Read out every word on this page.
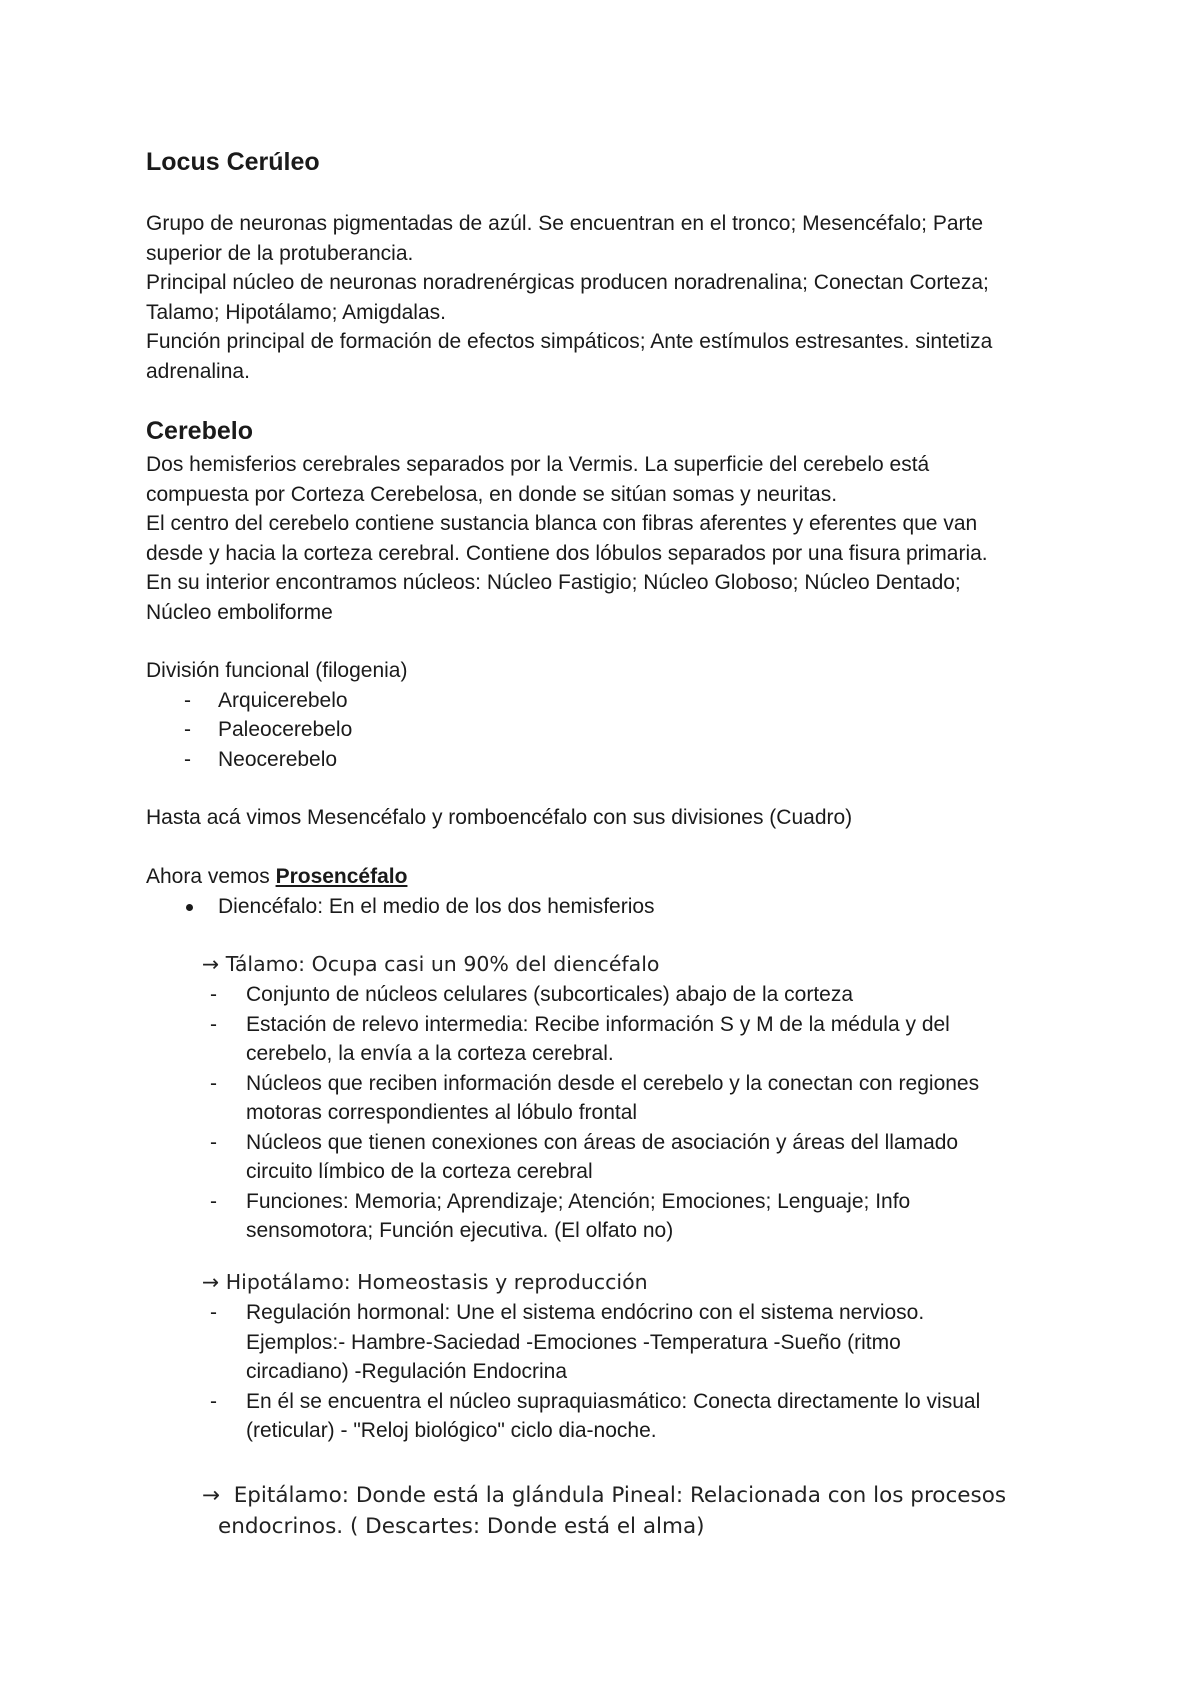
Locus Cerúleo

Grupo de neuronas pigmentadas de azúl. Se encuentran en el tronco; Mesencéfalo; Parte

superior de la protuberancia.

Principal núcleo de neuronas noradrenérgicas producen noradrenalina; Conectan Corteza;

Talamo; Hipotálamo; Amigdalas.

Función principal de formación de efectos simpáticos; Ante estímulos estresantes. sintetiza

adrenalina.

Cerebelo

Dos hemisferios cerebrales separados por la Vermis. La superficie del cerebelo está

compuesta por Corteza Cerebelosa, en donde se sitúan somas y neuritas.

El centro del cerebelo contiene sustancia blanca con fibras aferentes y eferentes que van

desde y hacia la corteza cerebral. Contiene dos lóbulos separados por una fisura primaria.

En su interior encontramos núcleos: Núcleo Fastigio; Núcleo Globoso; Núcleo Dentado;

Núcleo emboliforme

División funcional (filogenia)

- Arquicerebelo
- Paleocerebelo
- Neocerebelo

Hasta acá vimos Mesencéfalo y romboencéfalo con sus divisiones (Cuadro)

Ahora vemos Prosencéfalo

Diencéfalo: En el medio de los dos hemisferios

→ Tálamo: Ocupa casi un 90% del diencéfalo

- Conjunto de núcleos celulares (subcorticales) abajo de la corteza
- Estación de relevo intermedia: Recibe información S y M de la médula y del
cerebelo, la envía a la corteza cerebral.
- Núcleos que reciben información desde el cerebelo y la conectan con regiones
motoras correspondientes al lóbulo frontal
- Núcleos que tienen conexiones con áreas de asociación y áreas del llamado
circuito límbico de la corteza cerebral
- Funciones: Memoria; Aprendizaje; Atención; Emociones; Lenguaje; Info
sensomotora; Función ejecutiva. (El olfato no)

→ Hipotálamo: Homeostasis y reproducción

- Regulación hormonal: Une el sistema endócrino con el sistema nervioso.
Ejemplos:- Hambre-Saciedad -Emociones -Temperatura -Sueño (ritmo
circadiano) -Regulación Endocrina
- En él se encuentra el núcleo supraquiasmático: Conecta directamente lo visual
(reticular) - "Reloj biológico" ciclo dia-noche.

→ Epitálamo: Donde está la glándula Pineal: Relacionada con los procesos

endocrinos. ( Descartes: Donde está el alma)
